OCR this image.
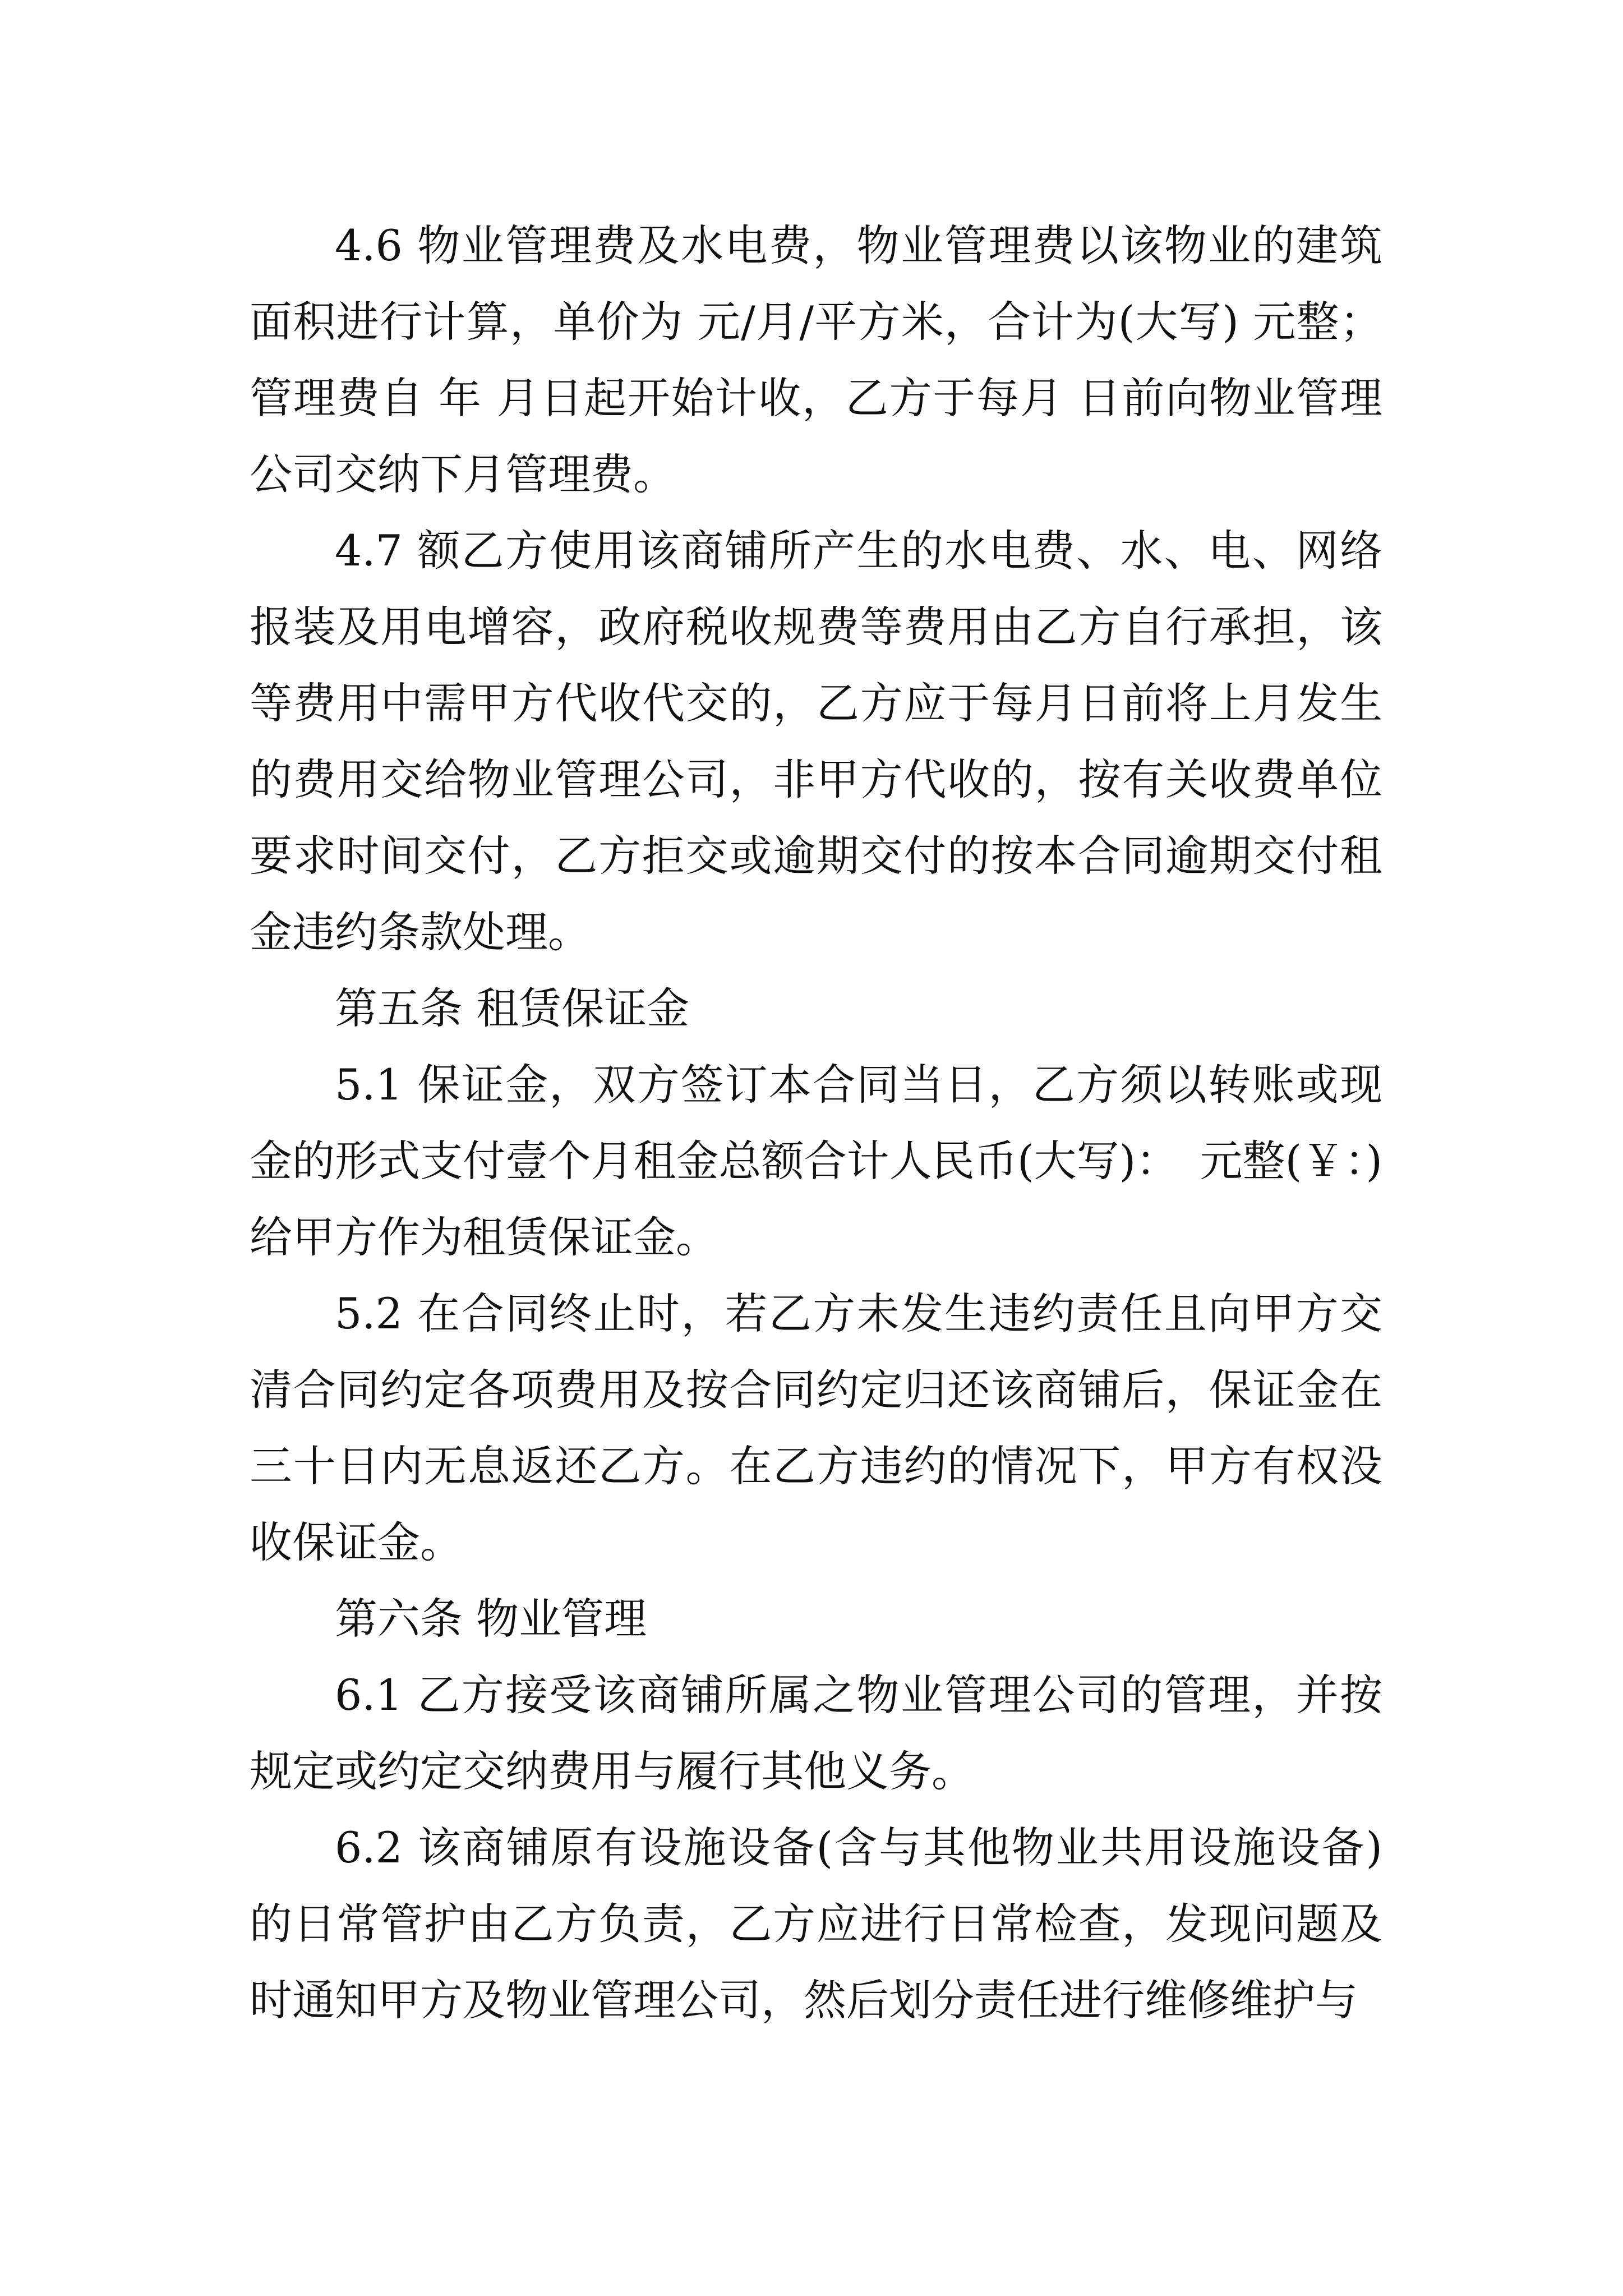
4.6 物业管理费及水电费，物业管理费以该物业的建筑面积进行计算，单价为 元/月/平方米，合计为(大写) 元整；管理费自 年 月日起开始计收，乙方于每月 日前向物业管理公司交纳下月管理费。

4.7 额乙方使用该商铺所产生的水电费、水、电、网络报装及用电增容，政府税收规费等费用由乙方自行承担，该等费用中需甲方代收代交的，乙方应于每月日前将上月发生的费用交给物业管理公司，非甲方代收的，按有关收费单位要求时间交付，乙方拒交或逾期交付的按本合同逾期交付租金违约条款处理。

第五条 租赁保证金

5.1 保证金，双方签订本合同当日，乙方须以转账或现金的形式支付壹个月租金总额合计人民币(大写)：　元整(￥：)给甲方作为租赁保证金。

5.2 在合同终止时，若乙方未发生违约责任且向甲方交清合同约定各项费用及按合同约定归还该商铺后，保证金在三十日内无息返还乙方。在乙方违约的情况下，甲方有权没收保证金。

第六条 物业管理

6.1 乙方接受该商铺所属之物业管理公司的管理，并按规定或约定交纳费用与履行其他义务。

6.2 该商铺原有设施设备(含与其他物业共用设施设备)的日常管护由乙方负责，乙方应进行日常检查，发现问题及时通知甲方及物业管理公司，然后划分责任进行维修维护与
